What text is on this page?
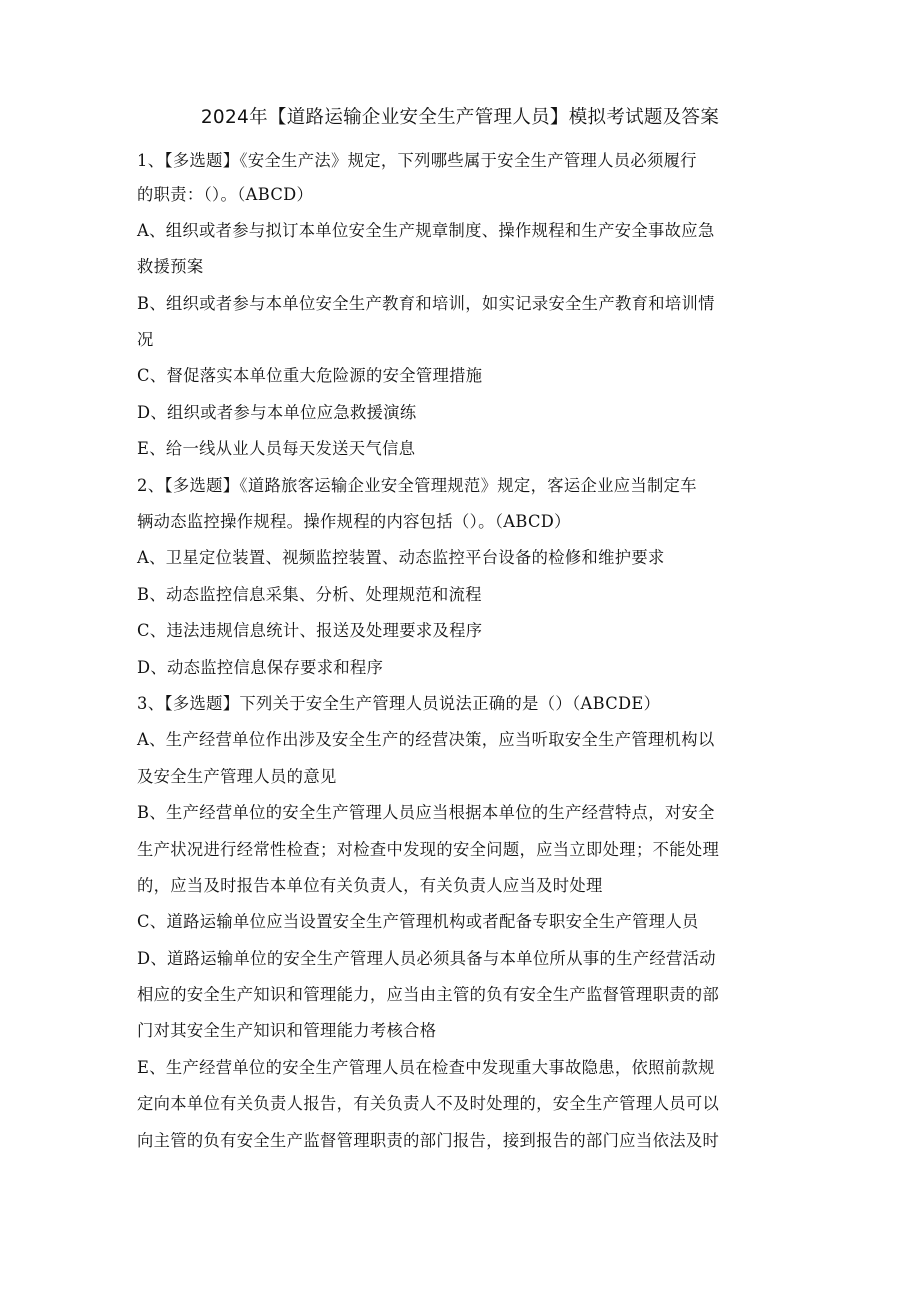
2024年【道路运输企业安全生产管理人员】模拟考试题及答案
1、【多选题】《安全生产法》规定，下列哪些属于安全生产管理人员必须履行
的职责：（）。（ABCD）
A、组织或者参与拟订本单位安全生产规章制度、操作规程和生产安全事故应急
救援预案
B、组织或者参与本单位安全生产教育和培训，如实记录安全生产教育和培训情
况
C、督促落实本单位重大危险源的安全管理措施
D、组织或者参与本单位应急救援演练
E、给一线从业人员每天发送天气信息
2、【多选题】《道路旅客运输企业安全管理规范》规定，客运企业应当制定车
辆动态监控操作规程。操作规程的内容包括（）。（ABCD）
A、卫星定位装置、视频监控装置、动态监控平台设备的检修和维护要求
B、动态监控信息采集、分析、处理规范和流程
C、违法违规信息统计、报送及处理要求及程序
D、动态监控信息保存要求和程序
3、【多选题】下列关于安全生产管理人员说法正确的是（）（ABCDE）
A、生产经营单位作出涉及安全生产的经营决策，应当听取安全生产管理机构以
及安全生产管理人员的意见
B、生产经营单位的安全生产管理人员应当根据本单位的生产经营特点，对安全
生产状况进行经常性检查；对检查中发现的安全问题，应当立即处理；不能处理
的，应当及时报告本单位有关负责人，有关负责人应当及时处理
C、道路运输单位应当设置安全生产管理机构或者配备专职安全生产管理人员
D、道路运输单位的安全生产管理人员必须具备与本单位所从事的生产经营活动
相应的安全生产知识和管理能力，应当由主管的负有安全生产监督管理职责的部
门对其安全生产知识和管理能力考核合格
E、生产经营单位的安全生产管理人员在检查中发现重大事故隐患，依照前款规
定向本单位有关负责人报告，有关负责人不及时处理的，安全生产管理人员可以
向主管的负有安全生产监督管理职责的部门报告，接到报告的部门应当依法及时
